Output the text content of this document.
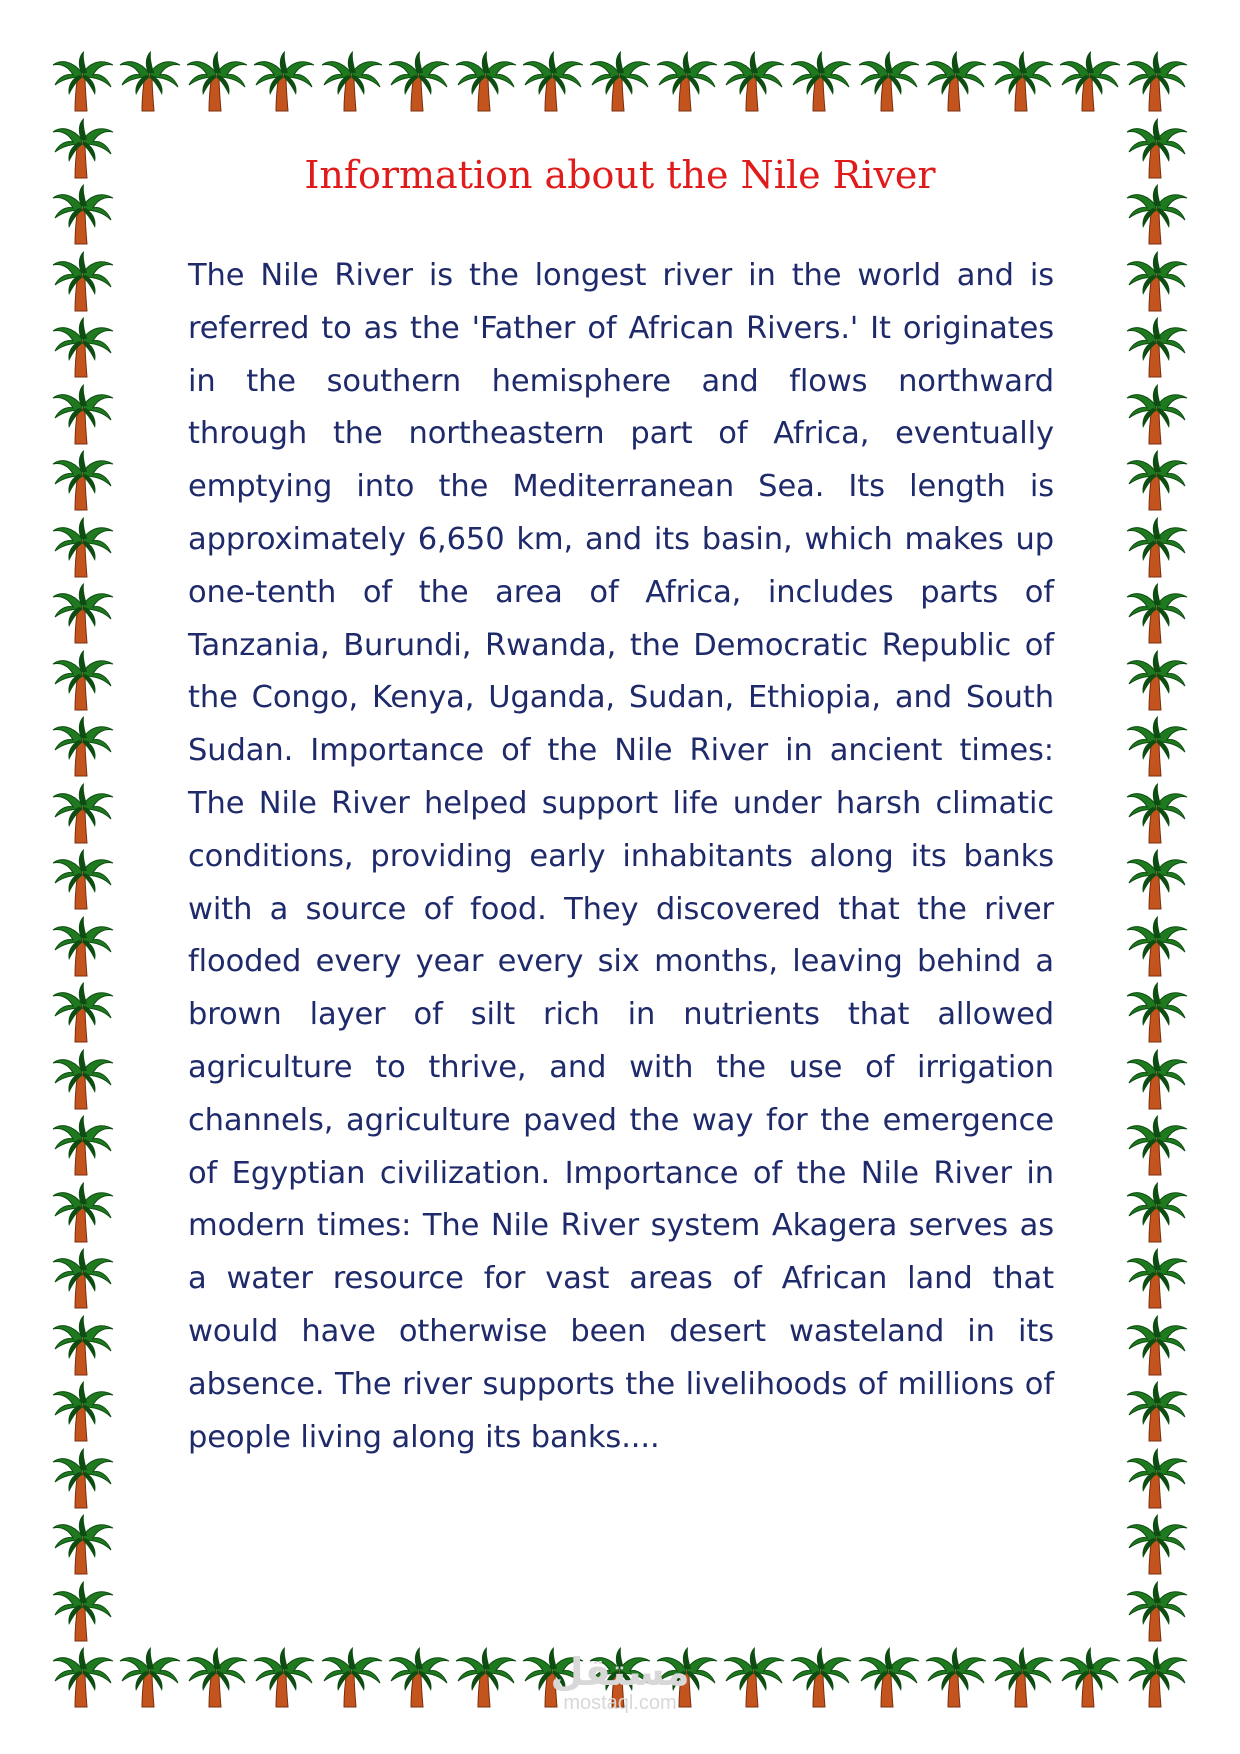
Information about the Nile River

The Nile River is the longest river in the world and is referred to as the 'Father of African Rivers.' It originates in the southern hemisphere and flows northward through the northeastern part of Africa, eventually emptying into the Mediterranean Sea. Its length is approximately 6,650 km, and its basin, which makes up one-tenth of the area of Africa, includes parts of Tanzania, Burundi, Rwanda, the Democratic Republic of the Congo, Kenya, Uganda, Sudan, Ethiopia, and South Sudan. Importance of the Nile River in ancient times: The Nile River helped support life under harsh climatic conditions, providing early inhabitants along its banks with a source of food. They discovered that the river flooded every year every six months, leaving behind a brown layer of silt rich in nutrients that allowed agriculture to thrive, and with the use of irrigation channels, agriculture paved the way for the emergence of Egyptian civilization. Importance of the Nile River in modern times: The Nile River system Akagera serves as a water resource for vast areas of African land that would have otherwise been desert wasteland in its absence. The river supports the livelihoods of millions of people living along its banks....

مستقل
mostaql.com
